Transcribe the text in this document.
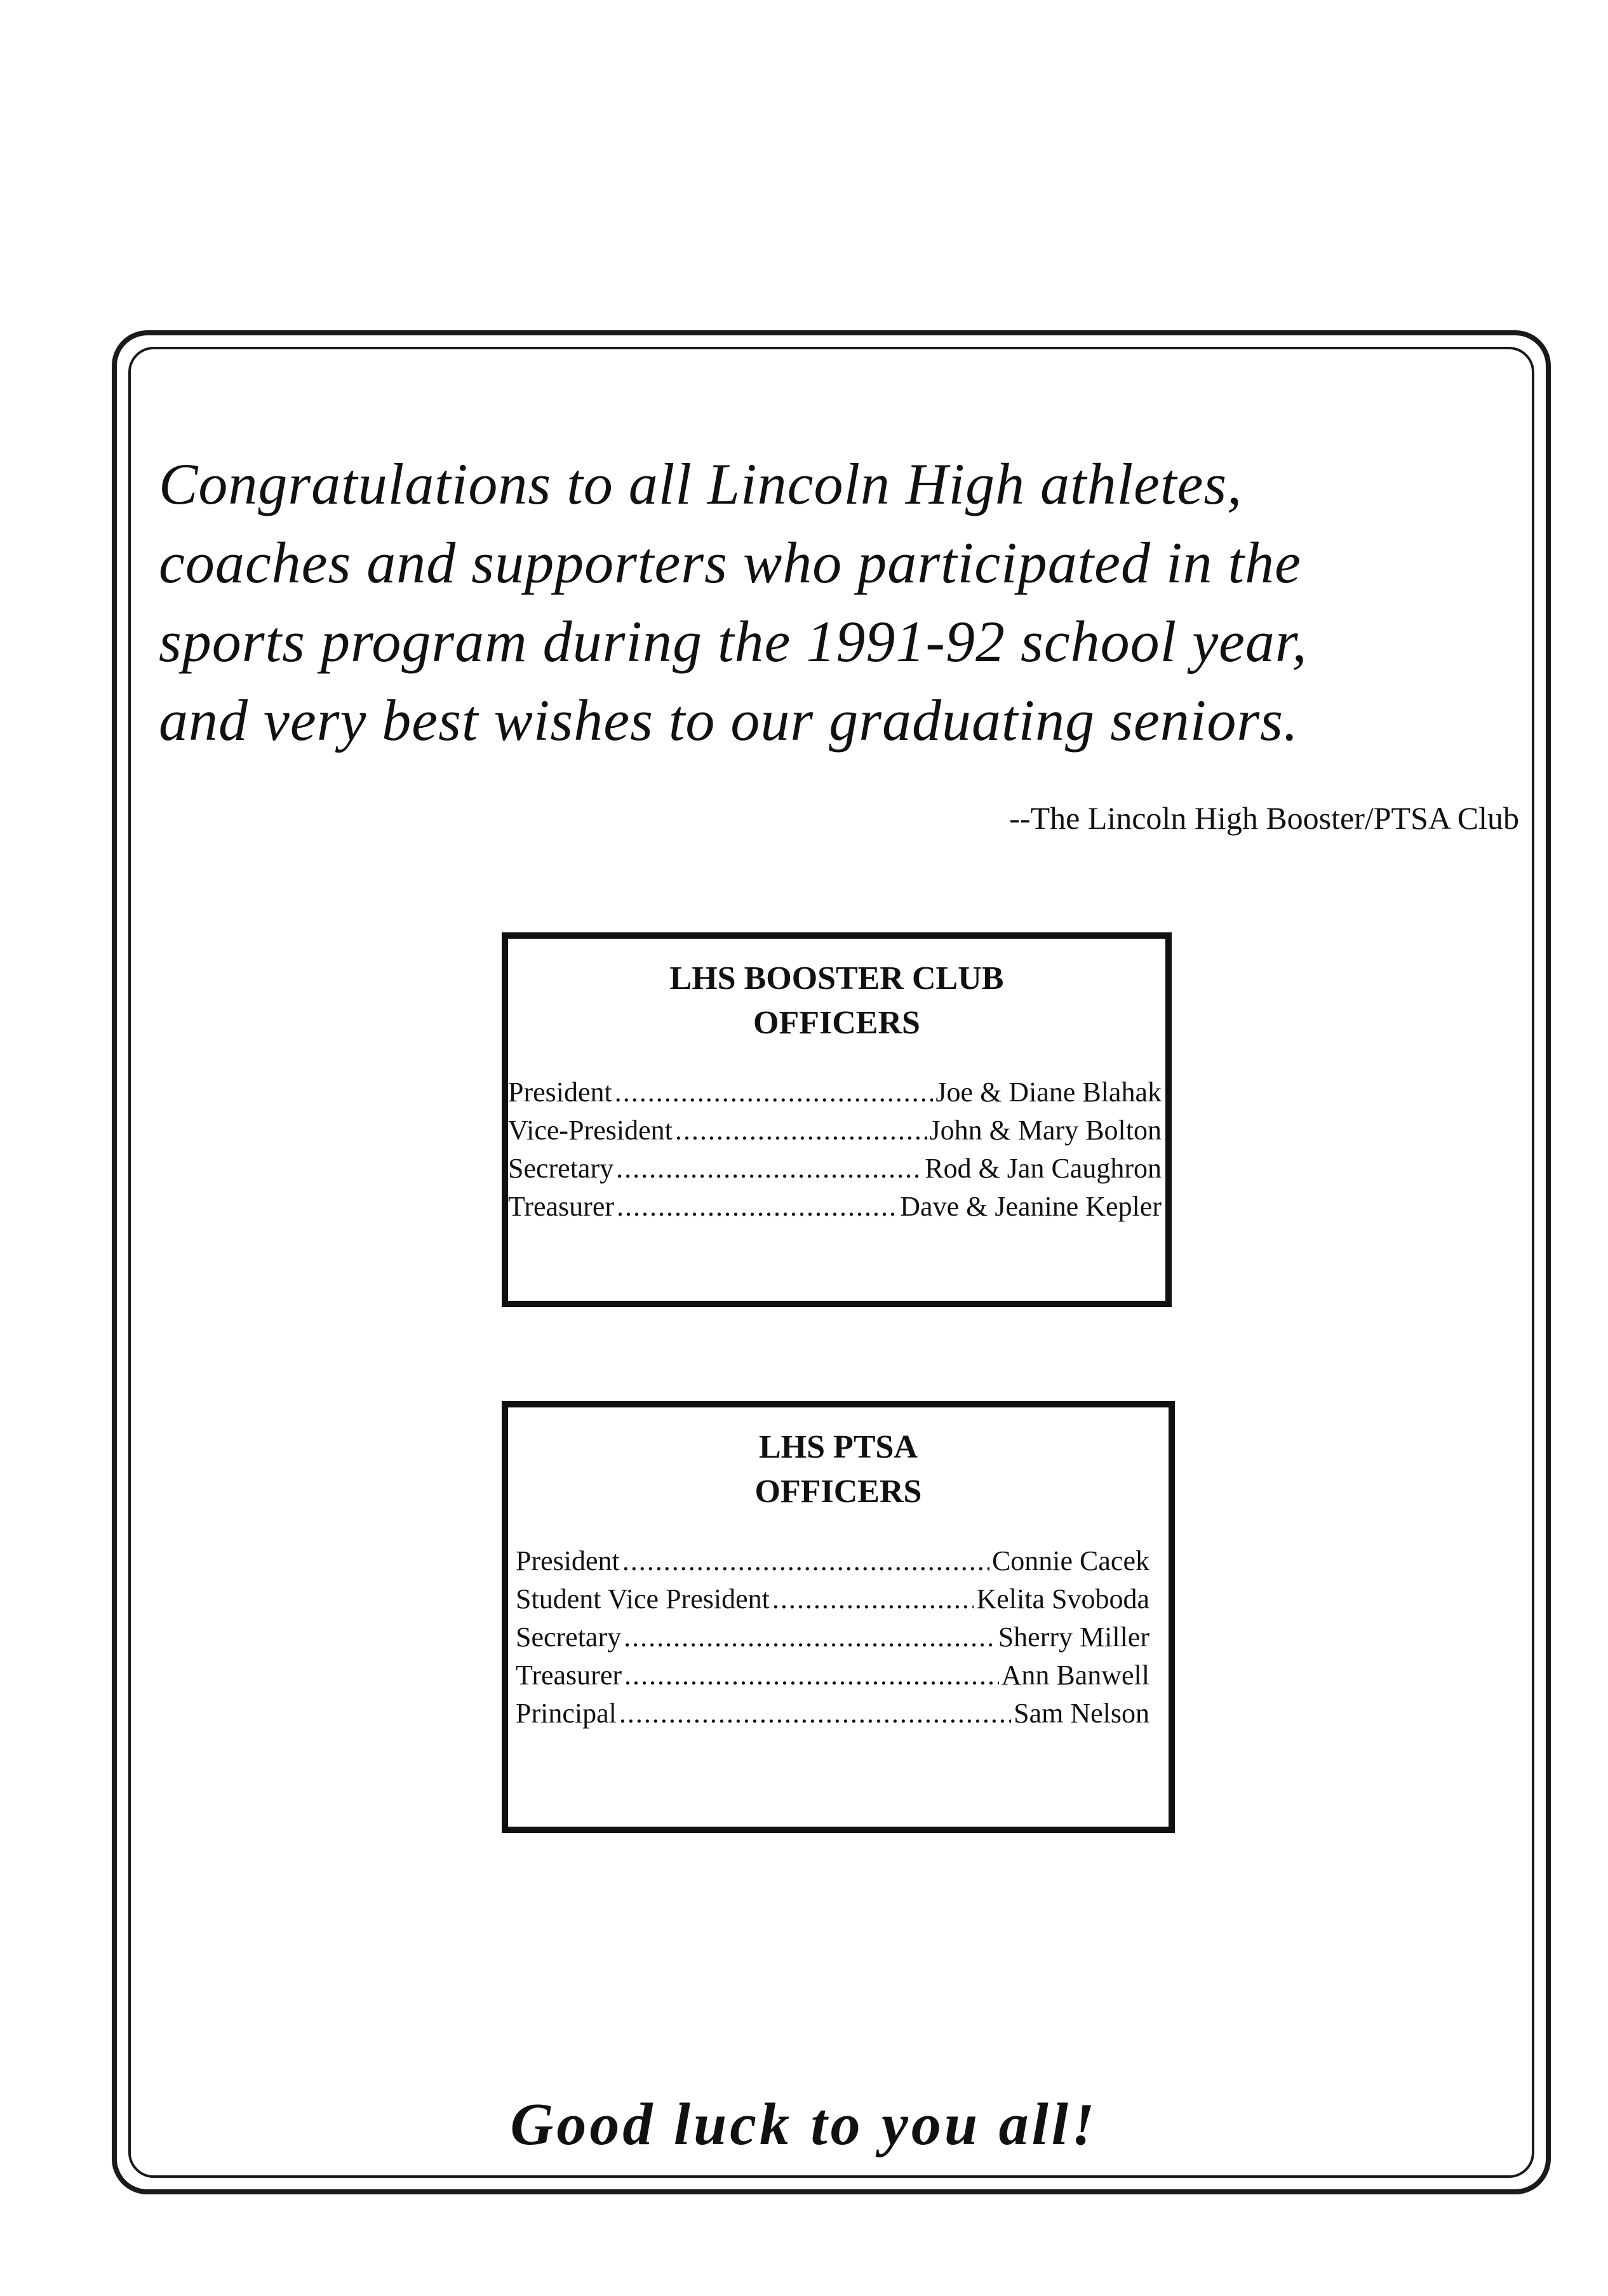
Congratulations to all Lincoln High athletes,
coaches and supporters who participated in the
sports program during the 1991-92 school year,
and very best wishes to our graduating seniors.
--The Lincoln High Booster/PTSA Club
LHS BOOSTER CLUB
OFFICERS
President .....	Joe & Diane Blahak
Vice-President .....	John & Mary Bolton
Secretary .....	Rod & Jan Caughron
Treasurer .....	Dave & Jeanine Kepler
LHS PTSA
OFFICERS
President .....	Connie Cacek
Student Vice President .....	Kelita Svoboda
Secretary .....	Sherry Miller
Treasurer .....	Ann Banwell
Principal .....	Sam Nelson
Good luck to you all!
